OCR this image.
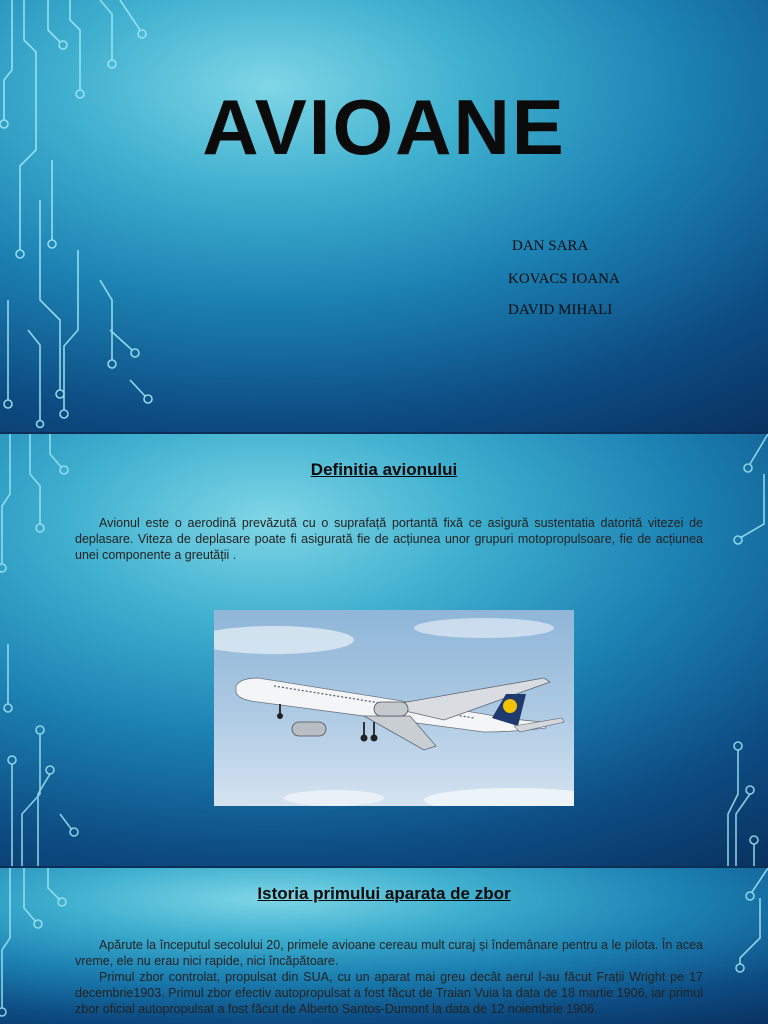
AVIOANE
DAN SARA
KOVACS IOANA
DAVID MIHALI
Definitia avionului

Avionul este o aerodină prevăzută cu o suprafață portantă fixă ce asigură sustentatia datorită vitezei de deplasare. Viteza de deplasare poate fi asigurată fie de acțiunea unor grupuri motopropulsoare, fie de acțiunea unei componente a greutății .

Istoria primului aparata de zbor

Apărute la începutul secolului 20, primele avioane cereau mult curaj și îndemânare pentru a le pilota. În acea vreme, ele nu erau nici rapide, nici încăpătoare.

Primul zbor controlat, propulsat din SUA, cu un aparat mai greu decât aerul l-au făcut Frații Wright pe 17 decembrie1903. Primul zbor efectiv autopropulsat a fost făcut de Traian Vuia la data de 18 martie 1906, iar primul zbor oficial autopropulsat a fost făcut de Alberto Santos-Dumont la data de 12 noiembrie 1906.
